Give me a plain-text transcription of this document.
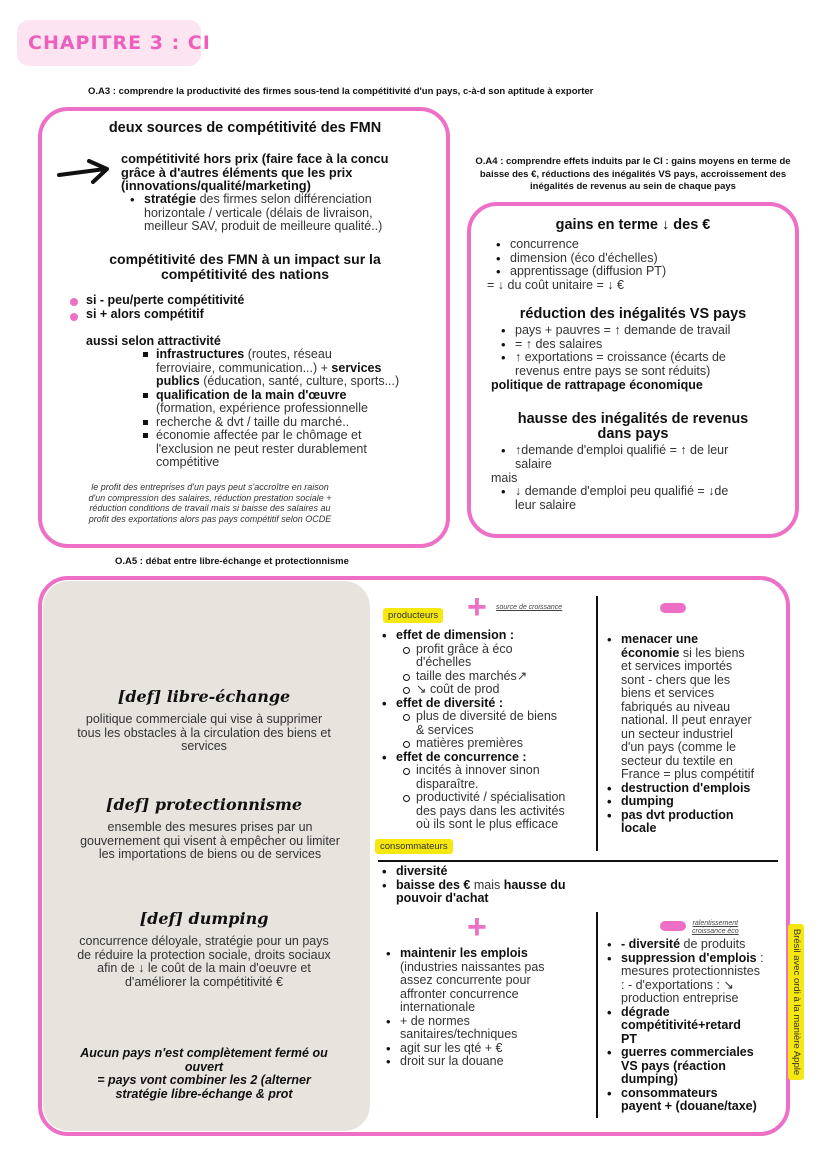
CHAPITRE 3 : CI
O.A3 : comprendre la productivité des firmes sous-tend la compétitivité d'un pays, c-à-d son aptitude à exporter
O.A4 : comprendre effets induits par le CI : gains moyens en terme de
baisse des €, réductions des inégalités VS pays, accroissement des
inégalités de revenus au sein de chaque pays
O.A5 : débat entre libre-échange et protectionnisme
deux sources de compétitivité des FMN
compétitivité hors prix (faire face à la concu
grâce à d'autres éléments que les prix
(innovations/qualité/marketing)
• stratégie des firmes selon différenciation
horizontale / verticale (délais de livraison,
meilleur SAV, produit de meilleure qualité..)
compétitivité des FMN à un impact sur la
compétitivité des nations
si - peu/perte compétitivité
si + alors compétitif
aussi selon attractivité
infrastructures (routes, réseau
ferroviaire, communication...) + services
publics (éducation, santé, culture, sports...)
qualification de la main d'œuvre
(formation, expérience professionnelle
recherche & dvt / taille du marché..
économie affectée par le chômage et
l'exclusion ne peut rester durablement
compétitive
le profit des entreprises d'un pays peut s'accroître en raison
d'un compression des salaires, réduction prestation sociale +
réduction conditions de travail mais si baisse des salaires au
profit des exportations alors pas pays compétitif selon OCDE
gains en terme ↓ des €
• concurrence
• dimension (éco d'échelles)
• apprentissage (diffusion PT)
= ↓ du coût unitaire = ↓ €
réduction des inégalités VS pays
• pays + pauvres = ↑ demande de travail
• = ↑ des salaires
• ↑ exportations = croissance (écarts de
revenus entre pays se sont réduits)
politique de rattrapage économique
hausse des inégalités de revenus
dans pays
• ↑demande d'emploi qualifié = ↑ de leur
salaire
mais
• ↓ demande d'emploi peu qualifié = ↓de
leur salaire
[def] libre-échange
politique commerciale qui vise à supprimer
tous les obstacles à la circulation des biens et
services
[def] protectionnisme
ensemble des mesures prises par un
gouvernement qui visent à empêcher ou limiter
les importations de biens ou de services
[def] dumping
concurrence déloyale, stratégie pour un pays
de réduire la protection sociale, droits sociaux
afin de ↓ le coût de la main d'oeuvre et
d'améliorer la compétitivité €
Aucun pays n'est complètement fermé ou
ouvert
= pays vont combiner les 2 (alterner
stratégie libre-échange & prot
producteurs + source de croissance
• effet de dimension :
profit grâce à éco
d'échelles
taille des marchés↗
↘ coût de prod
• effet de diversité :
plus de diversité de biens
& services
matières premières
• effet de concurrence :
incités à innover sinon
disparaître.
productivité / spécialisation
des pays dans les activités
où ils sont le plus efficace
consommateurs
• diversité
• baisse des € mais hausse du
pouvoir d'achat
• menacer une
économie si les biens
et services importés
sont - chers que les
biens et services
fabriqués au niveau
national. Il peut enrayer
un secteur industriel
d'un pays (comme le
secteur du textile en
France = plus compétitif
• destruction d'emplois
• dumping
• pas dvt production
locale
+
• maintenir les emplois
(industries naissantes pas
assez concurrente pour
affronter concurrence
internationale
• + de normes
sanitaires/techniques
• agit sur les qté + €
• droit sur la douane
ralentissement
croissance éco
• - diversité de produits
• suppression d'emplois :
mesures protectionnistes
: - d'exportations : ↘
production entreprise
• dégrade
compétitivité+retard
PT
• guerres commerciales
VS pays (réaction
dumping)
• consommateurs
payent + (douane/taxe)
Brésil avec ordi à la manière Apple
